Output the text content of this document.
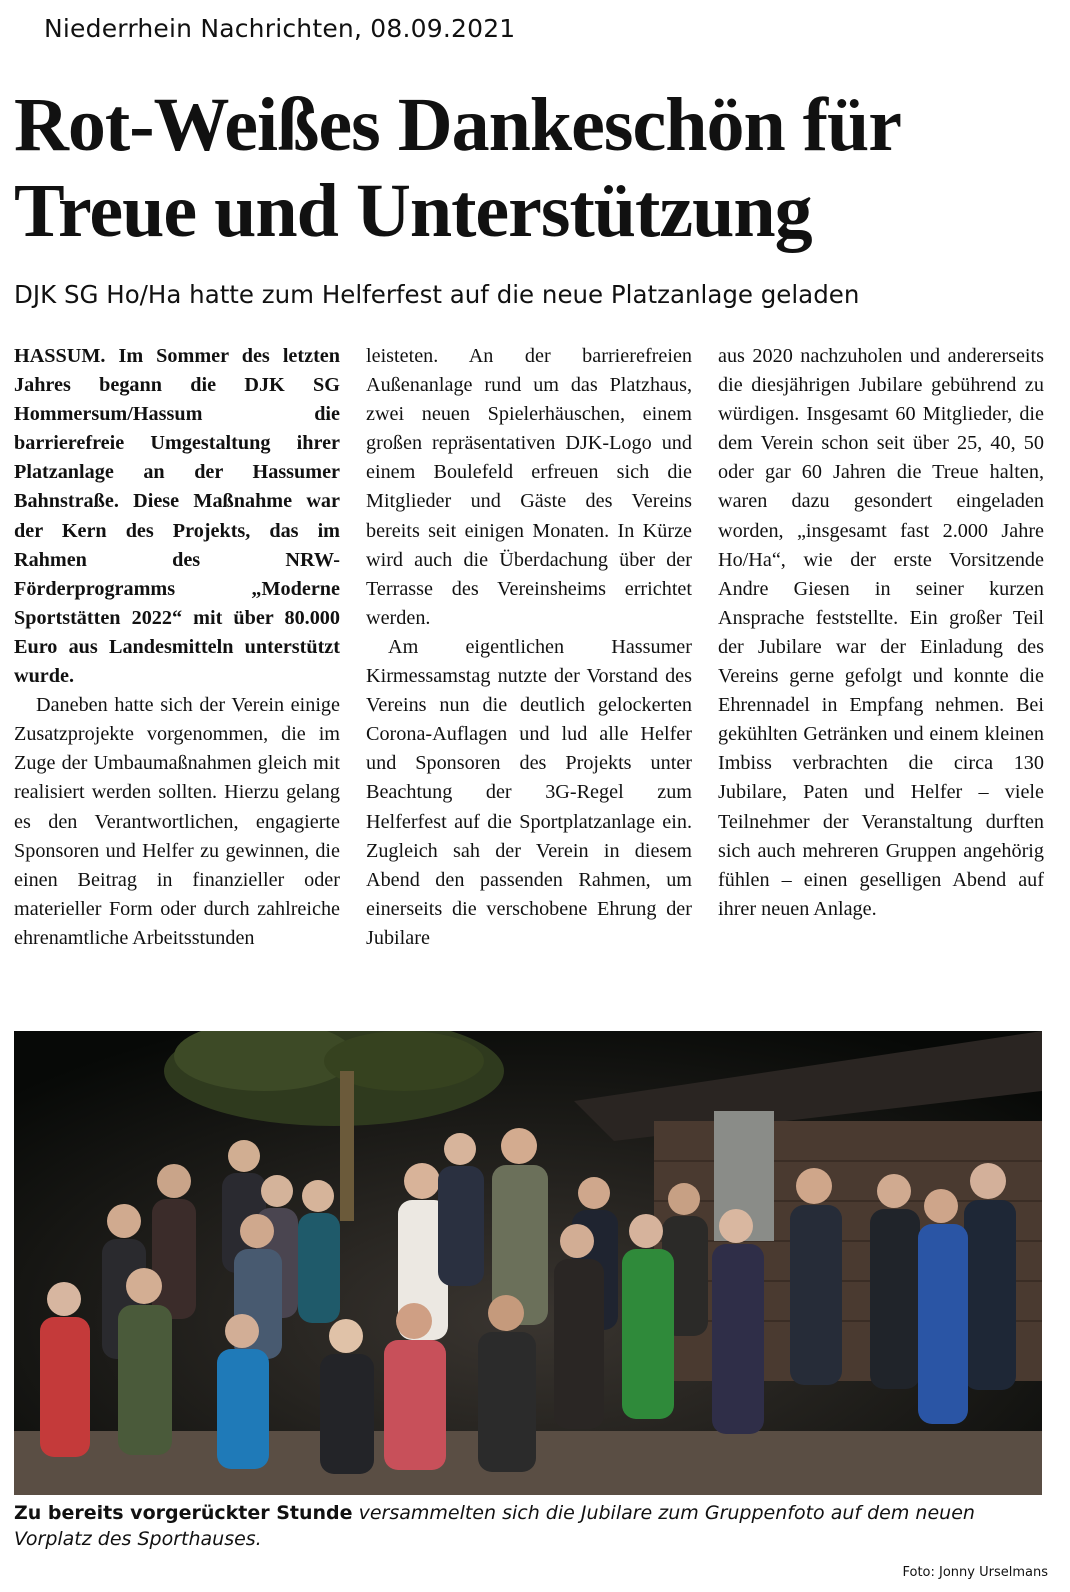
Niederrhein Nachrichten, 08.09.2021
Rot-Weißes Dankeschön für
Treue und Unterstützung
DJK SG Ho/Ha hatte zum Helferfest auf die neue Platzanlage geladen

HASSUM. Im Sommer des letzten Jahres begann die DJK SG Hommersum/Hassum die barrierefreie Umgestaltung ihrer Platzanlage an der Hassumer Bahnstraße. Diese Maßnahme war der Kern des Projekts, das im Rahmen des NRW-Förderprogramms „Moderne Sportstätten 2022“ mit über 80.000 Euro aus Landesmitteln unterstützt wurde.

Daneben hatte sich der Verein einige Zusatzprojekte vorgenommen, die im Zuge der Umbaumaßnahmen gleich mit realisiert werden sollten. Hierzu gelang es den Verantwortlichen, engagierte Sponsoren und Helfer zu gewinnen, die einen Beitrag in finanzieller oder materieller Form oder durch zahlreiche ehrenamtliche Arbeitsstunden

leisteten. An der barrierefreien Außenanlage rund um das Platzhaus, zwei neuen Spielerhäuschen, einem großen repräsentativen DJK-Logo und einem Boulefeld erfreuen sich die Mitglieder und Gäste des Vereins bereits seit einigen Monaten. In Kürze wird auch die Überdachung über der Terrasse des Vereinsheims errichtet werden.

Am eigentlichen Hassumer Kirmessamstag nutzte der Vorstand des Vereins nun die deutlich gelockerten Corona-Auflagen und lud alle Helfer und Sponsoren des Projekts unter Beachtung der 3G-Regel zum Helferfest auf die Sportplatzanlage ein. Zugleich sah der Verein in diesem Abend den passenden Rahmen, um einerseits die verschobene Ehrung der Jubilare

aus 2020 nachzuholen und andererseits die diesjährigen Jubilare gebührend zu würdigen. Insgesamt 60 Mitglieder, die dem Verein schon seit über 25, 40, 50 oder gar 60 Jahren die Treue halten, waren dazu gesondert eingeladen worden, „insgesamt fast 2.000 Jahre Ho/Ha“, wie der erste Vorsitzende Andre Giesen in seiner kurzen Ansprache feststellte. Ein großer Teil der Jubilare war der Einladung des Vereins gerne gefolgt und konnte die Ehrennadel in Empfang nehmen. Bei gekühlten Getränken und einem kleinen Imbiss verbrachten die circa 130 Jubilare, Paten und Helfer – viele Teilnehmer der Veranstaltung durften sich auch mehreren Gruppen angehörig fühlen – einen geselligen Abend auf ihrer neuen Anlage.

Zu bereits vorgerückter Stunde versammelten sich die Jubilare zum Gruppenfoto auf dem neuen Vorplatz des Sporthauses.
Foto: Jonny Urselmans
